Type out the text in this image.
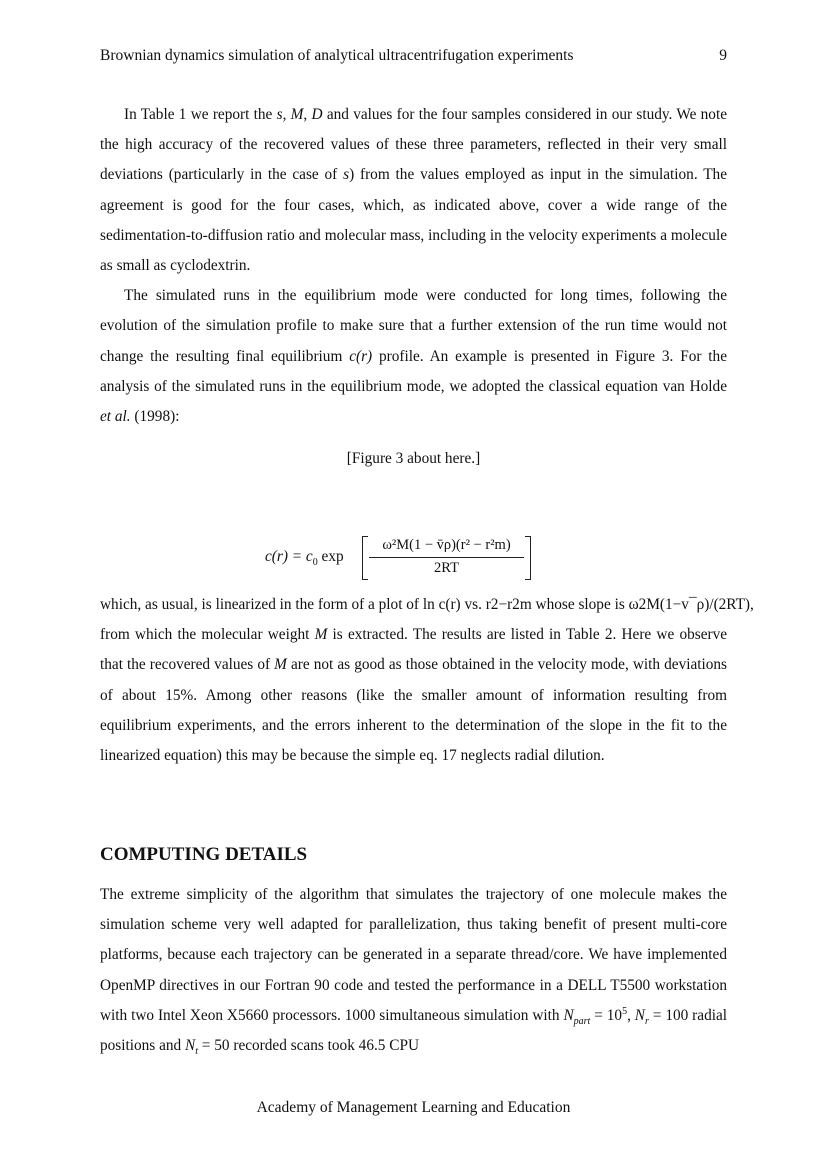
Brownian dynamics simulation of analytical ultracentrifugation experiments	9

In Table 1 we report the s, M, D and values for the four samples considered in our study. We note the high accuracy of the recovered values of these three parameters, reflected in their very small deviations (particularly in the case of s) from the values employed as input in the simulation. The agreement is good for the four cases, which, as indicated above, cover a wide range of the sedimentation-to-diffusion ratio and molecular mass, including in the velocity experiments a molecule as small as cyclodextrin.

The simulated runs in the equilibrium mode were conducted for long times, following the evolution of the simulation profile to make sure that a further extension of the run time would not change the resulting final equilibrium c(r) profile. An example is presented in Figure 3. For the analysis of the simulated runs in the equilibrium mode, we adopted the classical equation van Holde et al. (1998):

[Figure 3 about here.]
$c(r) = c_0$ exp
ω²M(1 − v̄ρ)(r² − r²m)
2RT
which, as usual, is linearized in the form of a plot of ln c(r) vs. r2−r2m whose slope is ω2M(1−v¯ρ)/(2RT),

from which the molecular weight M is extracted. The results are listed in Table 2. Here we observe that the recovered values of M are not as good as those obtained in the velocity mode, with deviations of about 15%. Among other reasons (like the smaller amount of information resulting from equilibrium experiments, and the errors inherent to the determination of the slope in the fit to the linearized equation) this may be because the simple eq. 17 neglects radial dilution.

COMPUTING DETAILS

The extreme simplicity of the algorithm that simulates the trajectory of one molecule makes the simulation scheme very well adapted for parallelization, thus taking benefit of present multi-core platforms, because each trajectory can be generated in a separate thread/core. We have implemented OpenMP directives in our Fortran 90 code and tested the performance in a DELL T5500 workstation with two Intel Xeon X5660 processors. 1000 simultaneous simulation with $N_{part} = 10^5$, $N_r = 100$ radial positions and $N_t = 50$ recorded scans took 46.5 CPU

Academy of Management Learning and Education
